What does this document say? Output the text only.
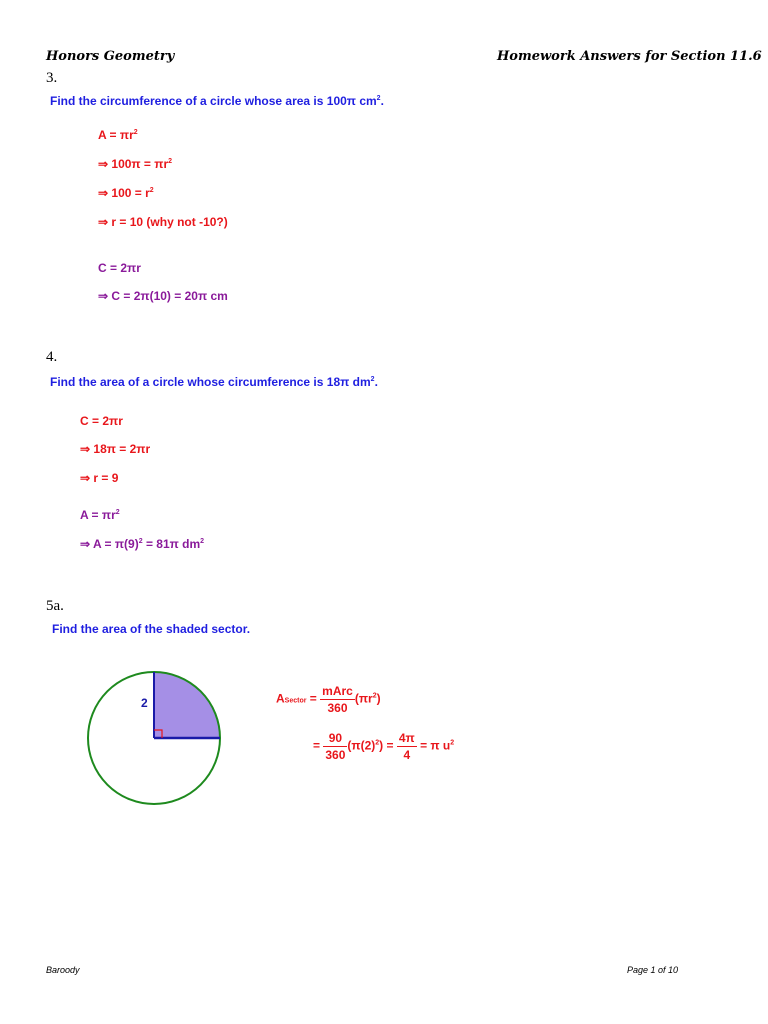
Honors Geometry	Homework Answers for Section 11.6
3.
Find the circumference of a circle whose area is 100π $cm^2$.
$A = \pi r^2$
⇒ $100\pi = \pi r^2$
⇒ $100 = r^2$
⇒ r = 10 (why not -10?)
C = 2πr
⇒ C = 2π(10) = 20π cm
4.
Find the area of a circle whose circumference is 18π $dm^2$.
C = 2πr
⇒ 18π = 2πr
⇒ r = 9
$A = \pi r^2$
⇒ $A = \pi(9)^2 = 81\pi$ $dm^2$
5a.
Find the area of the shaded sector.
2	ASector = $\frac{\text{mArc}}{360} (\pi r^2)$
= $\frac{90}{360} (\pi(2)^2) = \frac{4\pi}{4} = \pi$ $u^2$
Baroody	Page 1 of 10
